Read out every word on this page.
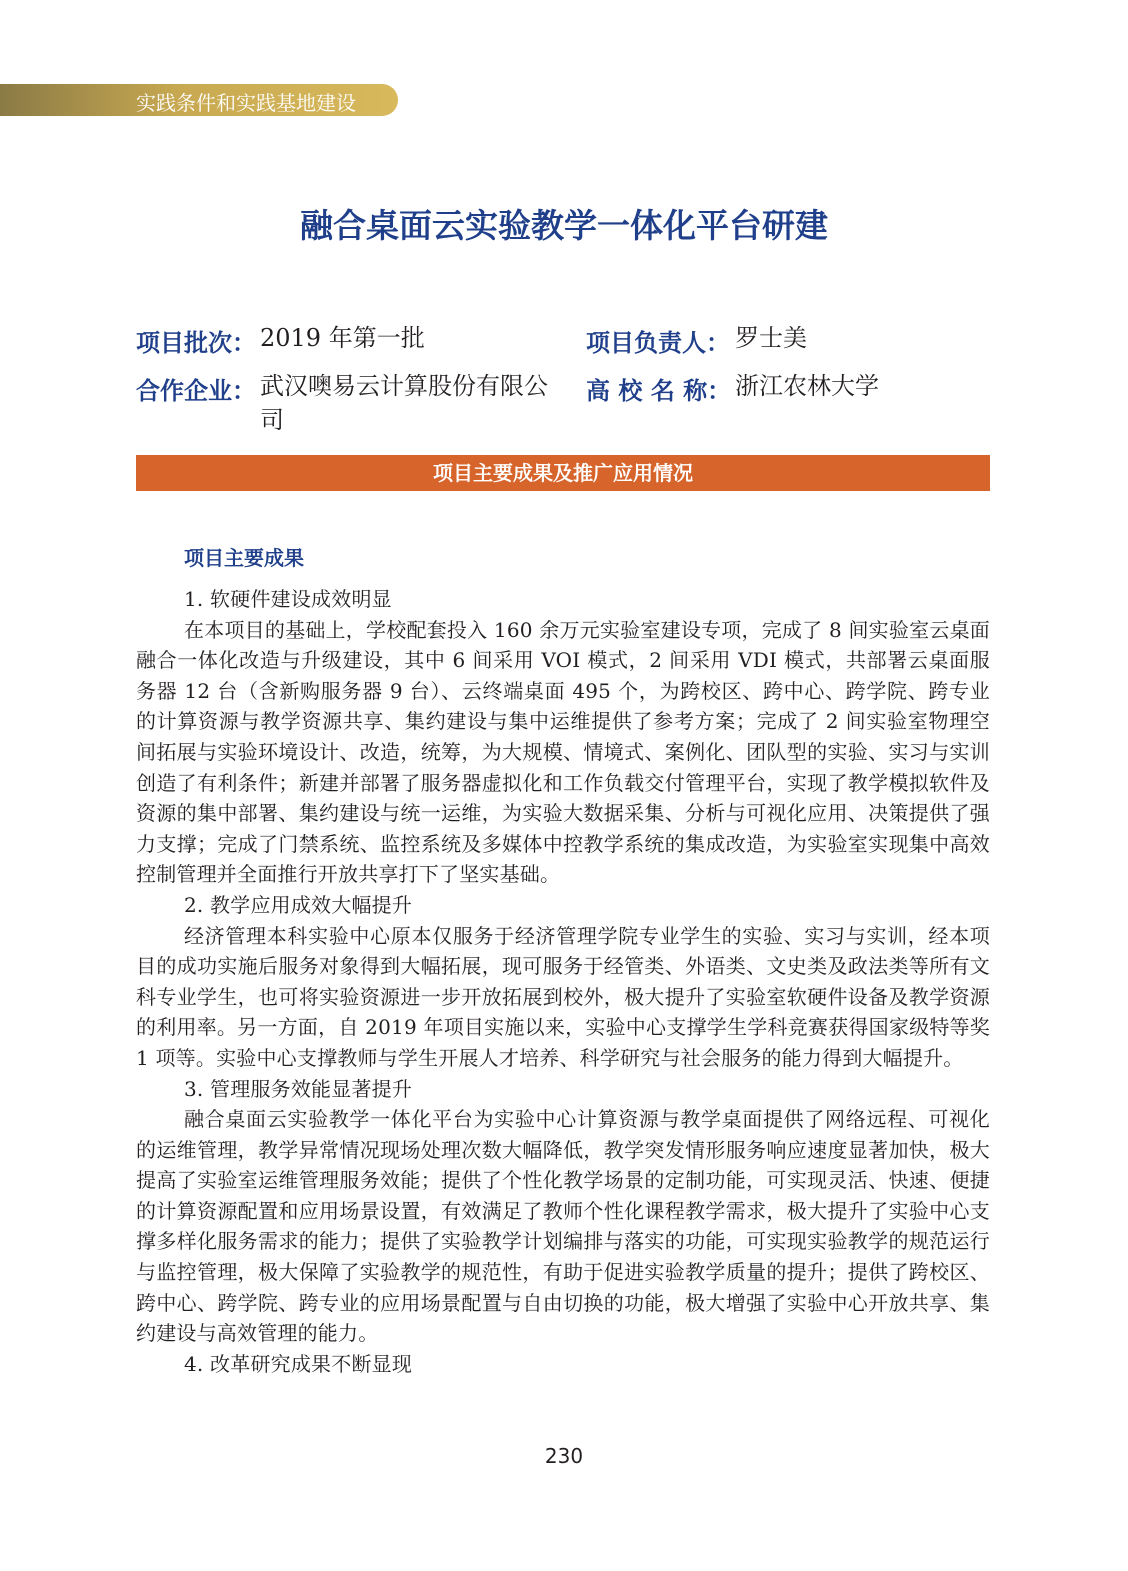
实践条件和实践基地建设
融合桌面云实验教学一体化平台研建
项目批次： 2019 年第一批	项目负责人： 罗士美
合作企业： 武汉噢易云计算股份有限公司
高 校 名 称： 浙江农林大学
项目主要成果及推广应用情况
项目主要成果
1. 软硬件建设成效明显
在本项目的基础上，学校配套投入 160 余万元实验室建设专项，完成了 8 间实验室云桌面融合一体化改造与升级建设，其中 6 间采用 VOI 模式，2 间采用 VDI 模式，共部署云桌面服务器 12 台（含新购服务器 9 台）、云终端桌面 495 个，为跨校区、跨中心、跨学院、跨专业的计算资源与教学资源共享、集约建设与集中运维提供了参考方案；完成了 2 间实验室物理空间拓展与实验环境设计、改造，统筹，为大规模、情境式、案例化、团队型的实验、实习与实训创造了有利条件；新建并部署了服务器虚拟化和工作负载交付管理平台，实现了教学模拟软件及资源的集中部署、集约建设与统一运维，为实验大数据采集、分析与可视化应用、决策提供了强力支撑；完成了门禁系统、监控系统及多媒体中控教学系统的集成改造，为实验室实现集中高效控制管理并全面推行开放共享打下了坚实基础。
2. 教学应用成效大幅提升
经济管理本科实验中心原本仅服务于经济管理学院专业学生的实验、实习与实训，经本项目的成功实施后服务对象得到大幅拓展，现可服务于经管类、外语类、文史类及政法类等所有文科专业学生，也可将实验资源进一步开放拓展到校外，极大提升了实验室软硬件设备及教学资源的利用率。另一方面，自 2019 年项目实施以来，实验中心支撑学生学科竞赛获得国家级特等奖 1 项等。实验中心支撑教师与学生开展人才培养、科学研究与社会服务的能力得到大幅提升。
3. 管理服务效能显著提升
融合桌面云实验教学一体化平台为实验中心计算资源与教学桌面提供了网络远程、可视化的运维管理，教学异常情况现场处理次数大幅降低，教学突发情形服务响应速度显著加快，极大提高了实验室运维管理服务效能；提供了个性化教学场景的定制功能，可实现灵活、快速、便捷的计算资源配置和应用场景设置，有效满足了教师个性化课程教学需求，极大提升了实验中心支撑多样化服务需求的能力；提供了实验教学计划编排与落实的功能，可实现实验教学的规范运行与监控管理，极大保障了实验教学的规范性，有助于促进实验教学质量的提升；提供了跨校区、跨中心、跨学院、跨专业的应用场景配置与自由切换的功能，极大增强了实验中心开放共享、集约建设与高效管理的能力。
4. 改革研究成果不断显现
230
